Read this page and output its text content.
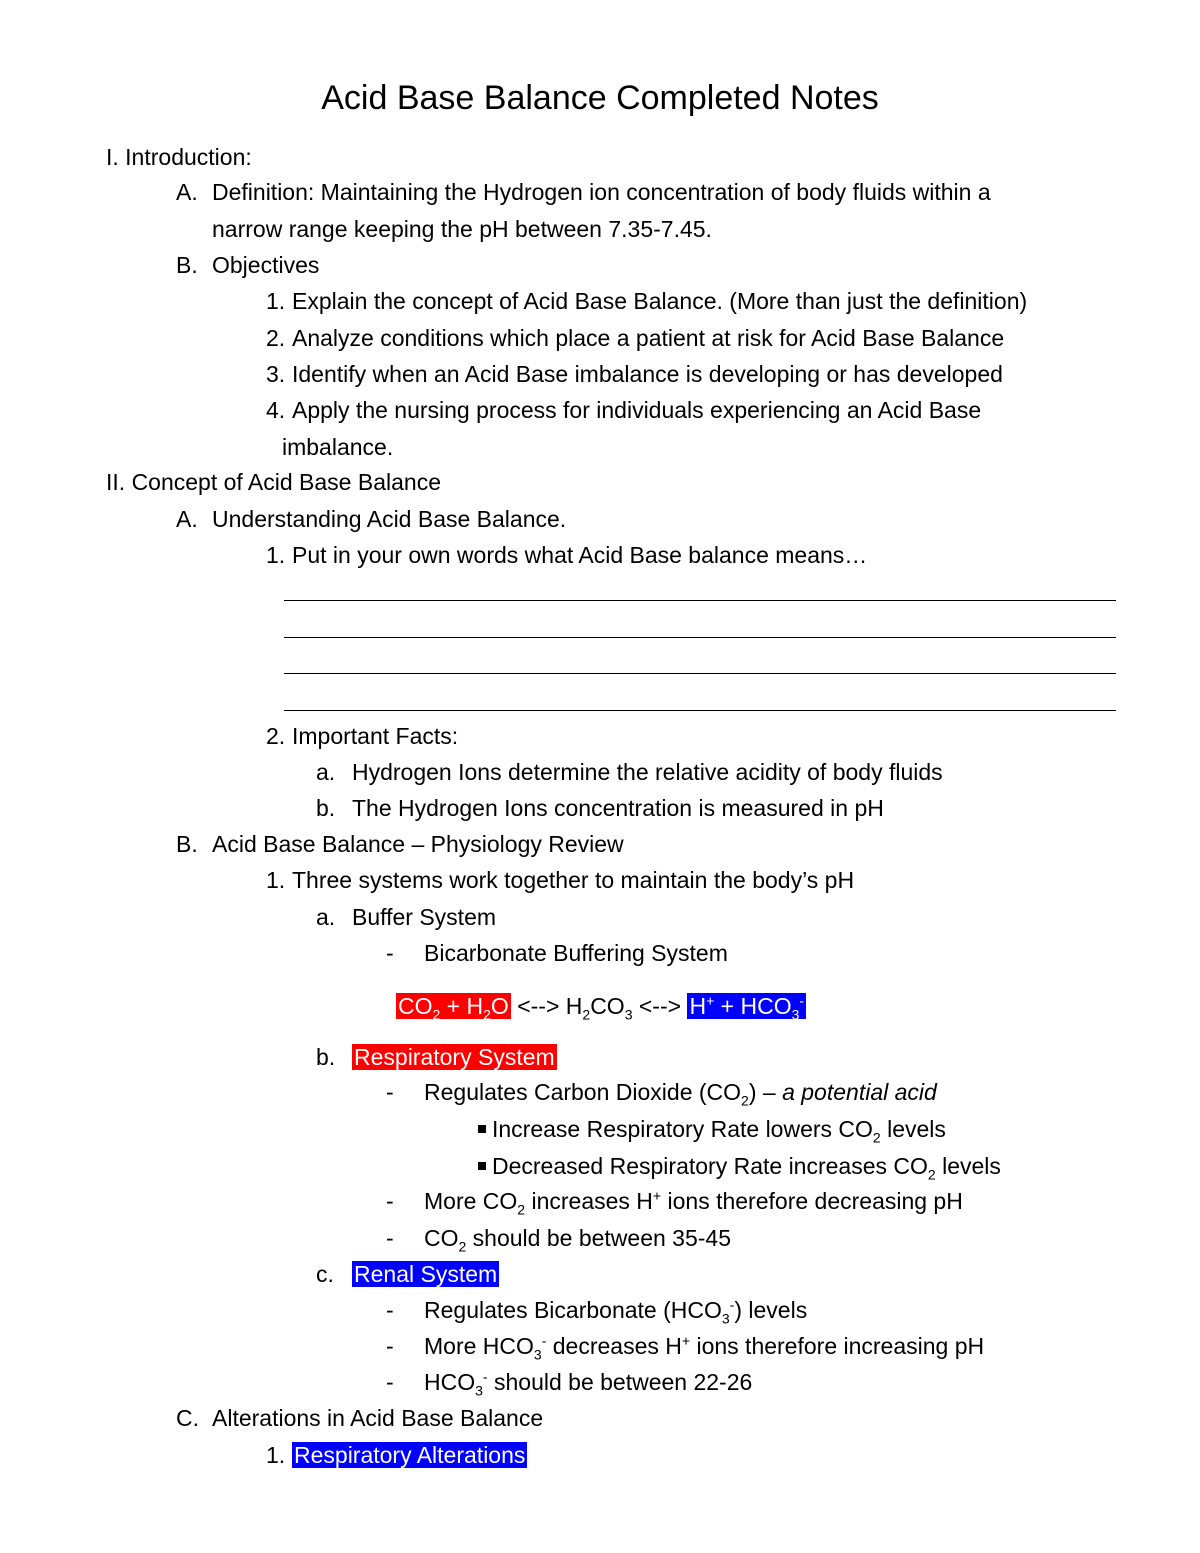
Acid Base Balance Completed Notes
I. Introduction:
A. Definition: Maintaining the Hydrogen ion concentration of body fluids within a
narrow range keeping the pH between 7.35-7.45.
B. Objectives
1. Explain the concept of Acid Base Balance. (More than just the definition)
2. Analyze conditions which place a patient at risk for Acid Base Balance
3. Identify when an Acid Base imbalance is developing or has developed
4. Apply the nursing process for individuals experiencing an Acid Base
imbalance.
II. Concept of Acid Base Balance
A. Understanding Acid Base Balance.
1. Put in your own words what Acid Base balance means…
2. Important Facts:
a. Hydrogen Ions determine the relative acidity of body fluids
b. The Hydrogen Ions concentration is measured in pH
B. Acid Base Balance – Physiology Review
1. Three systems work together to maintain the body’s pH
a. Buffer System
- Bicarbonate Buffering System
$CO_2 + H_2O$ <--> $H_2CO_3$ <--> $H^+ + HCO_3^-$
b. Respiratory System
- Regulates Carbon Dioxide $(CO_2)$ – a potential acid
Increase Respiratory Rate lowers $CO_2$ levels
Decreased Respiratory Rate increases $CO_2$ levels
- More $CO_2$ increases H+ ions therefore decreasing pH
- $CO_2$ should be between 35-45
c. Renal System
- Regulates Bicarbonate $(HCO_3^-)$ levels
- More $HCO_3^-$ decreases H+ ions therefore increasing pH
- $HCO_3^-$ should be between 22-26
C. Alterations in Acid Base Balance
1. Respiratory Alterations
